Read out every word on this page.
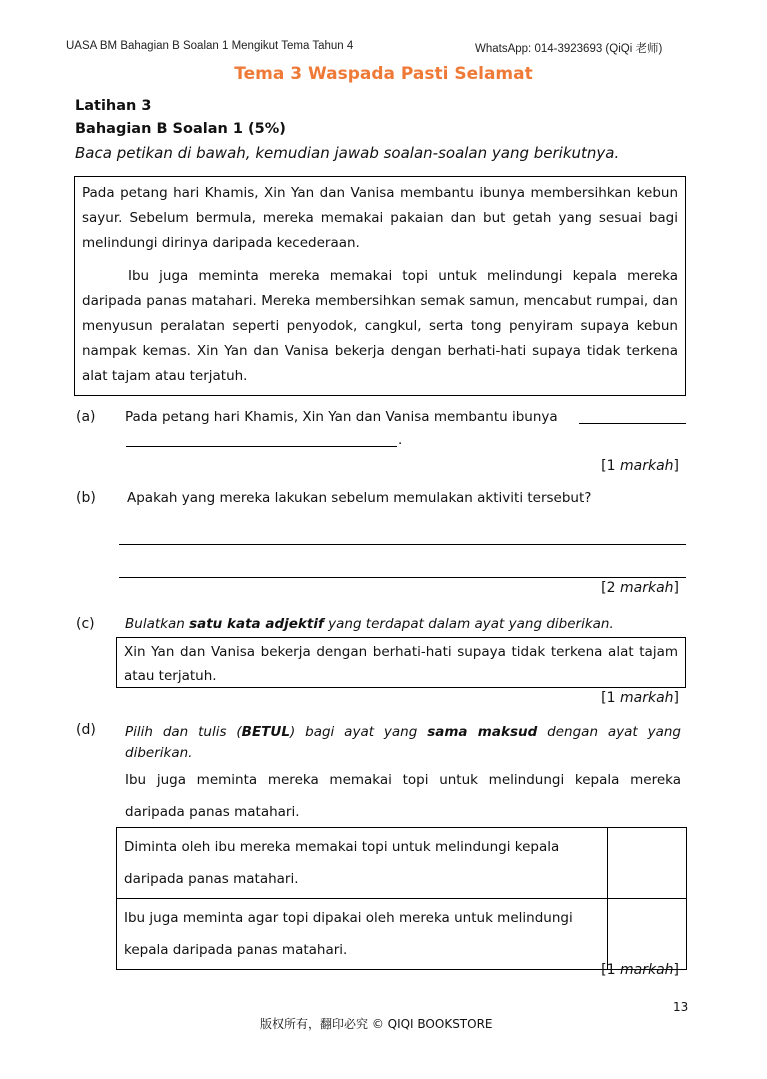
UASA BM Bahagian B Soalan 1 Mengikut Tema Tahun 4	WhatsApp: 014-3923693 (QiQi 老师)
Tema 3 Waspada Pasti Selamat
Latihan 3
Bahagian B Soalan 1 (5%)
Baca petikan di bawah, kemudian jawab soalan-soalan yang berikutnya.

Pada petang hari Khamis, Xin Yan dan Vanisa membantu ibunya membersihkan kebun sayur. Sebelum bermula, mereka memakai pakaian dan but getah yang sesuai bagi melindungi dirinya daripada kecederaan.

Ibu juga meminta mereka memakai topi untuk melindungi kepala mereka daripada panas matahari. Mereka membersihkan semak samun, mencabut rumpai, dan menyusun peralatan seperti penyodok, cangkul, serta tong penyiram supaya kebun nampak kemas. Xin Yan dan Vanisa bekerja dengan berhati-hati supaya tidak terkena alat tajam atau terjatuh.

(a) Pada petang hari Khamis, Xin Yan dan Vanisa membantu ibunya
.
[1 markah]
(b) Apakah yang mereka lakukan sebelum memulakan aktiviti tersebut?
[2 markah]
(c) Bulatkan satu kata adjektif yang terdapat dalam ayat yang diberikan.
Xin Yan dan Vanisa bekerja dengan berhati-hati supaya tidak terkena alat tajam atau terjatuh.
[1 markah]
(d) Pilih dan tulis (BETUL) bagi ayat yang sama maksud dengan ayat yang diberikan.
Ibu juga meminta mereka memakai topi untuk melindungi kepala mereka daripada panas matahari.
Diminta oleh ibu mereka memakai topi untuk melindungi kepala daripada panas matahari.	
Ibu juga meminta agar topi dipakai oleh mereka untuk melindungi kepala daripada panas matahari.	
[1 markah]
13
版权所有，翻印必究 © QIQI BOOKSTORE
